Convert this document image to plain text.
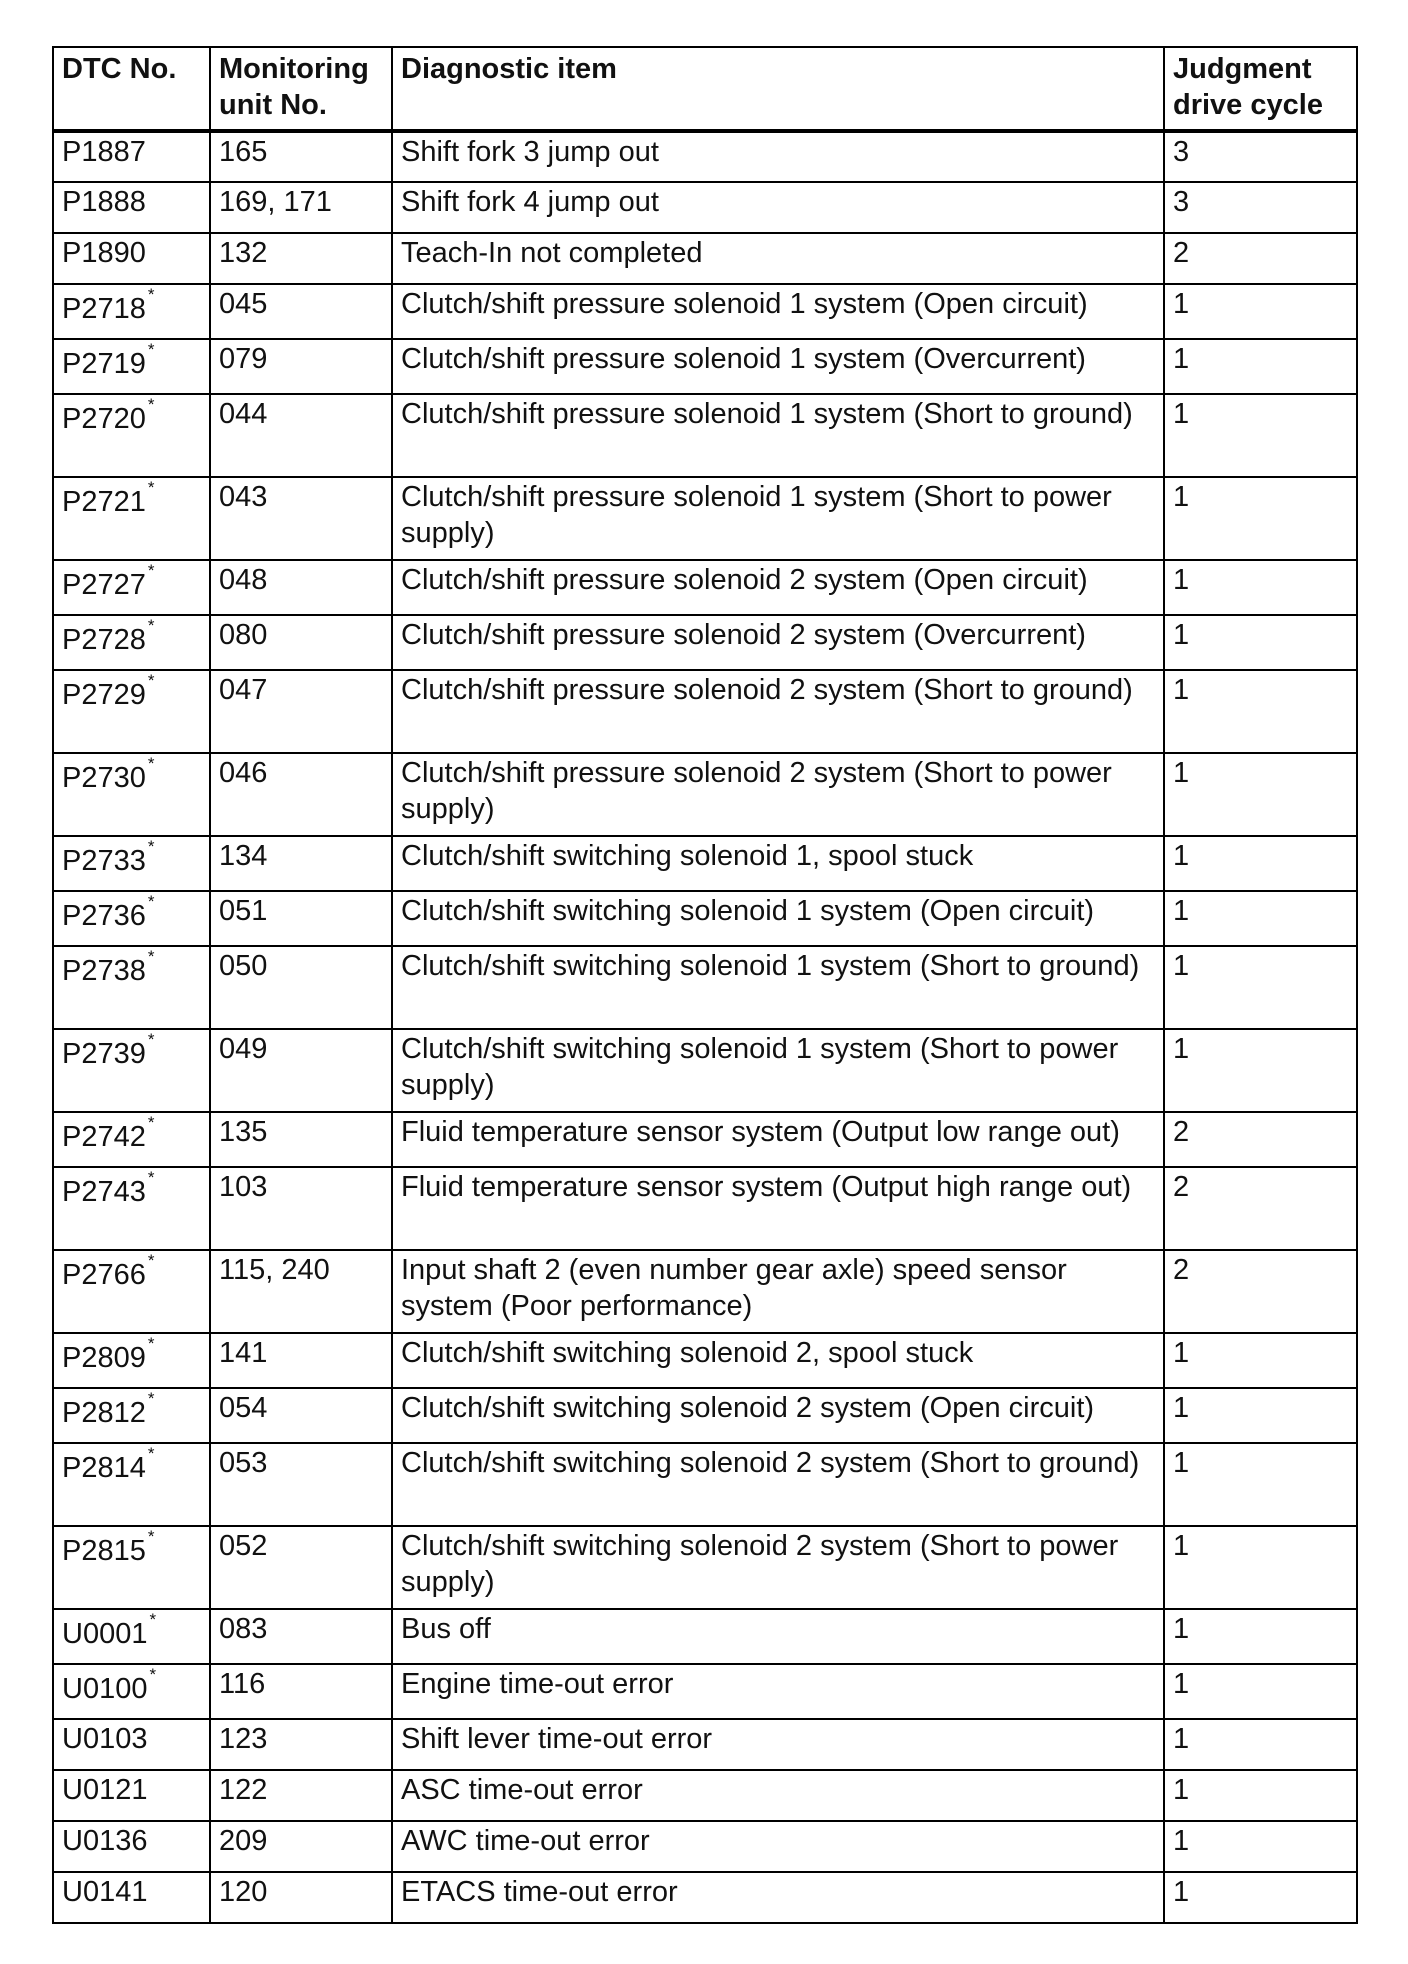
DTC No.	Monitoring unit No.	Diagnostic item	Judgment drive cycle
P1887	165	Shift fork 3 jump out	3
P1888	169, 171	Shift fork 4 jump out	3
P1890	132	Teach-In not completed	2
P2718 *	045	Clutch/shift pressure solenoid 1 system (Open circuit)	1
P2719 *	079	Clutch/shift pressure solenoid 1 system (Overcurrent)	1
P2720 *	044	Clutch/shift pressure solenoid 1 system (Short to ground)	1
P2721 *	043	Clutch/shift pressure solenoid 1 system (Short to power supply)	1
P2727 *	048	Clutch/shift pressure solenoid 2 system (Open circuit)	1
P2728 *	080	Clutch/shift pressure solenoid 2 system (Overcurrent)	1
P2729 *	047	Clutch/shift pressure solenoid 2 system (Short to ground)	1
P2730 *	046	Clutch/shift pressure solenoid 2 system (Short to power supply)	1
P2733 *	134	Clutch/shift switching solenoid 1, spool stuck	1
P2736 *	051	Clutch/shift switching solenoid 1 system (Open circuit)	1
P2738 *	050	Clutch/shift switching solenoid 1 system (Short to ground)	1
P2739 *	049	Clutch/shift switching solenoid 1 system (Short to power supply)	1
P2742 *	135	Fluid temperature sensor system (Output low range out)	2
P2743 *	103	Fluid temperature sensor system (Output high range out)	2
P2766 *	115, 240	Input shaft 2 (even number gear axle) speed sensor system (Poor performance)	2
P2809 *	141	Clutch/shift switching solenoid 2, spool stuck	1
P2812 *	054	Clutch/shift switching solenoid 2 system (Open circuit)	1
P2814 *	053	Clutch/shift switching solenoid 2 system (Short to ground)	1
P2815 *	052	Clutch/shift switching solenoid 2 system (Short to power supply)	1
U0001 *	083	Bus off	1
U0100 *	116	Engine time-out error	1
U0103	123	Shift lever time-out error	1
U0121	122	ASC time-out error	1
U0136	209	AWC time-out error	1
U0141	120	ETACS time-out error	1
